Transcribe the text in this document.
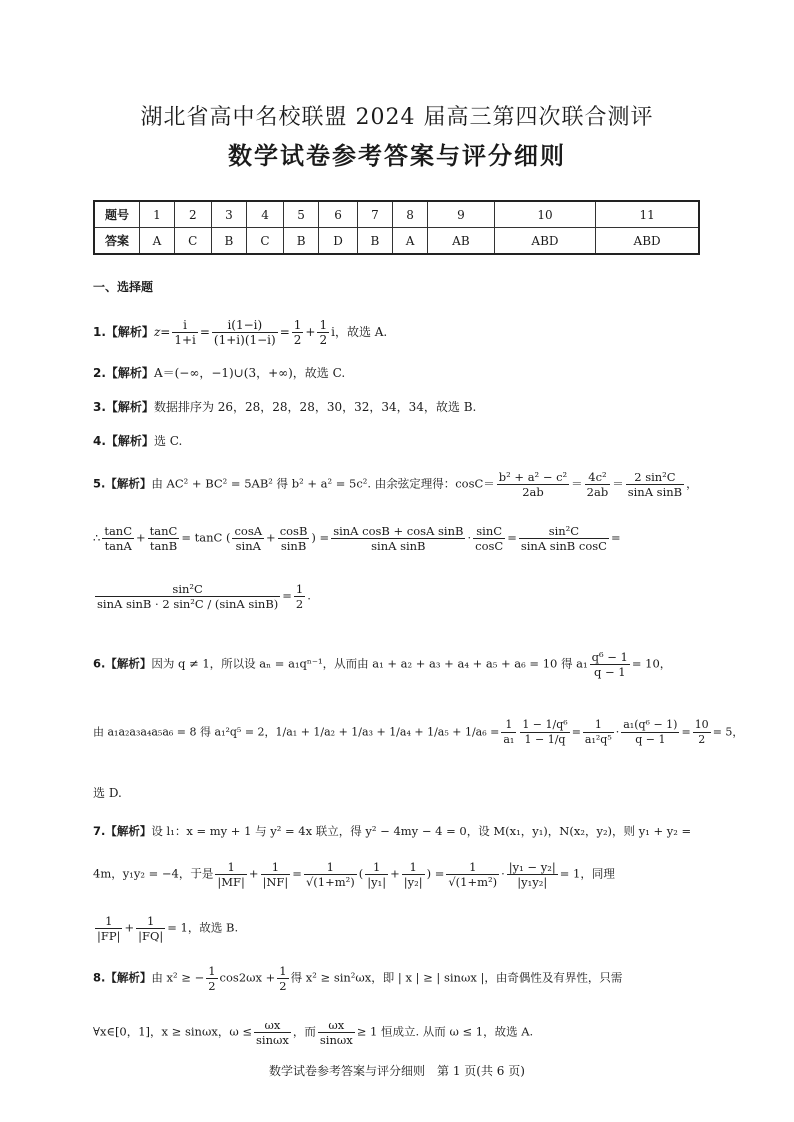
湖北省高中名校联盟 2024 届高三第四次联合测评
数学试卷参考答案与评分细则
题号	1	2	3	4	5	6	7	8	9	10	11
答案	A	C	B	C	B	D	B	A	AB	ABD	ABD
一、选择题
1.【解析】$z= \frac{i}{1+i} = \frac{i(1-i)}{(1+i)(1-i)} = \frac{1}{2} + \frac{1}{2}$ i，故选 A.
2.【解析】A＝(−∞，−1)∪(3，+∞)，故选 C.
3.【解析】数据排序为 26，28，28，28，30，32，34，34，故选 B.
4.【解析】选 C.
5.【解析】由 AC² + BC² = 5AB² 得 b² + a² = 5c². 由余弦定理得：$\cos C= \frac{\text{b² + a² − c²}}{2ab} = \frac{\text{4c²}}{2ab} = \frac{\text{2 sin²C}}{\text{sinA sinB}}$ ，
∴ $\frac{\tan C}{\tan A} + \frac{\tan C}{\tan B} = \tan C$ ( $\frac{\cos A}{\sin A} + \frac{\cos B}{\sin B}$ ) = $\frac{\text{sinA cosB + cosA sinB}}{\text{sinA sinB}} \cdot \frac{\sin C}{\cos C} = \frac{\text{sin²C}}{\text{sinA sinB cosC}}$ =
$\frac{\text{sin²C}}{\text{sinA sinB · 2 sin²C / (sinA sinB)}} = \frac{1}{2}$ .
6.【解析】因为 q ≠ 1，所以设 aₙ = a₁qⁿ⁻¹，从而由 a₁ + a₂ + a₃ + a₄ + a₅ + a₆ = 10 得 $a_1 \frac{\text{q⁶ − 1}}{q - 1} = 10$，
由 a₁a₂a₃a₄a₅a₆ = 8 得 a₁²q⁵ = 2，$1/a_1 + 1/a_2 + 1/a_3 + 1/a_4 + 1/a_5 + 1/a_6 = \frac{1}{\text{a₁}} \frac{\text{1 − 1/q⁶}}{1 - 1/q} = \frac{1}{\text{a₁²q⁵}} \cdot \frac{\text{a₁(q⁶ − 1)}}{q - 1} = \frac{10}{2} = 5$，
选 D.
7.【解析】设 l₁：x = my + 1 与 y² = 4x 联立，得 y² − 4my − 4 = 0，设 M(x₁，y₁)，N(x₂，y₂)，则 y₁ + y₂ =
4m，y₁y₂ = −4，于是 $\frac{1}{|MF|} + \frac{1}{|NF|} = \frac{1}{\text{√(1+m²)}}$ ( $\frac{1}{\text{|y₁|}} + \frac{1}{\text{|y₂|}}$ ) = $\frac{1}{\text{√(1+m²)}} \cdot \frac{\text{|y₁ − y₂|}}{\text{|y₁y₂|}} = 1$，同理
$\frac{1}{|FP|} + \frac{1}{|FQ|} = 1$，故选 B.
8.【解析】由 x² ≥ − $\frac{1}{2} \cos 2\omega x + \frac{1}{2}$ 得 x² ≥ sin²ωx，即 | x | ≥ | sinωx |，由奇偶性及有界性，只需
∀x∈[0，1]，x ≥ sinωx，$\omega \le \frac{\omega x}{\sin\omega x}$ ，而 $\frac{\omega x}{\sin\omega x} \ge 1$ 恒成立. 从而 ω ≤ 1，故选 A.
数学试卷参考答案与评分细则　第 1 页(共 6 页)
